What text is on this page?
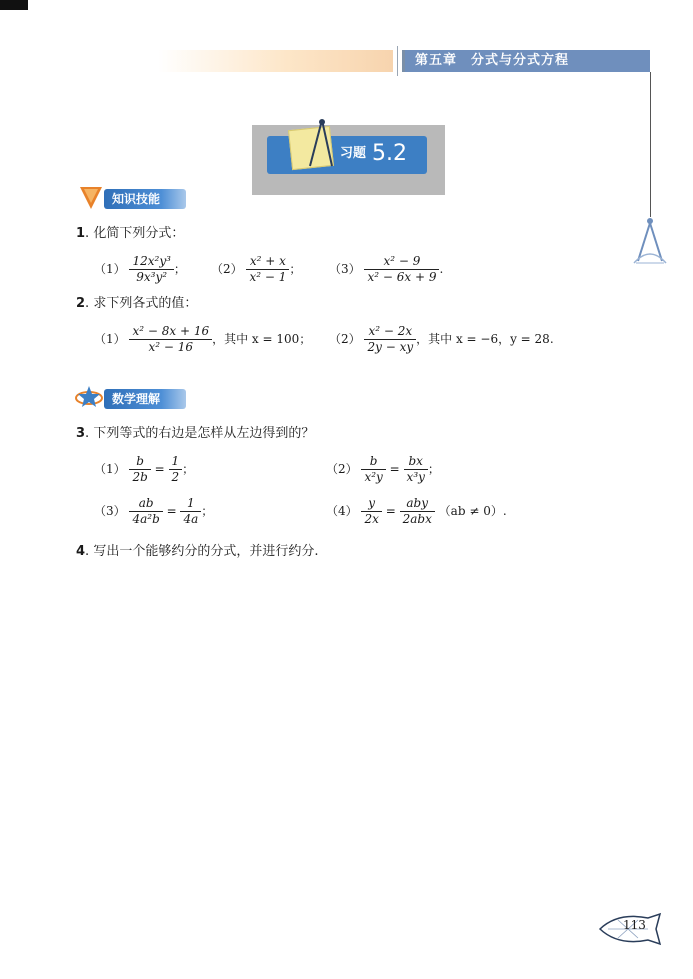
第五章　分式与分式方程
习题 5.2
知识技能
1. 化简下列分式：
$(1) \frac{\text{12x²y³}}{\text{9x³y²}}$ ； $(2) \frac{\text{x² + x}}{\text{x² − 1}}$ ； $(3) \frac{\text{x² − 9}}{\text{x² − 6x + 9}}$ .
2. 求下列各式的值：
$(1) \frac{\text{x² − 8x + 16}}{\text{x² − 16}}$ ，其中 x = 100； $(2) \frac{\text{x² − 2x}}{2y - xy}$ ，其中 x = −6，y = 28.
数学理解
3. 下列等式的右边是怎样从左边得到的？
$(1) \frac{b}{2b} = \frac{1}{2}$ ；	$(2) \frac{b}{\text{x²y}} = \frac{bx}{\text{x³y}}$ ；
$(3) \frac{ab}{\text{4a²b}} = \frac{1}{4a}$ ；	$(4) \frac{y}{2x} = \frac{\text{aby}}{\text{2abx}} (ab \ne 0)$.
4. 写出一个能够约分的分式，并进行约分.
113
